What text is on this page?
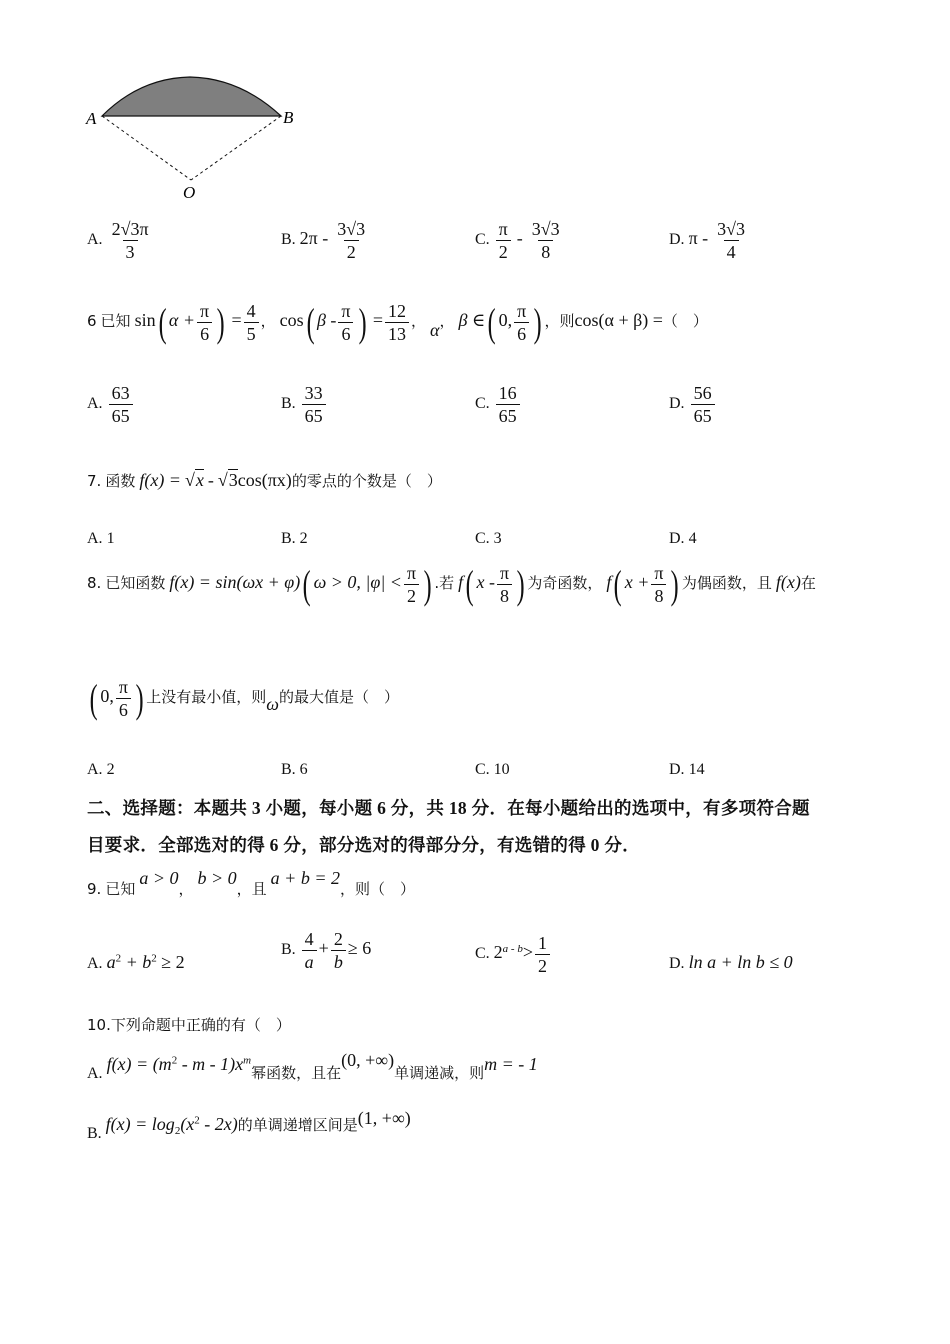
A	B
O
A. $\frac{2√3\pi}{3}$	B. $2\pi - \frac{3√3}{2}$	C. $\frac{\pi}{2} - \frac{3√3}{8}$	D. π - $\frac{3√3}{4}$
6 已知 sin( $\alpha + \frac{\pi}{6}$ ) = $\frac{4}{5}$ ， cos( β - $\frac{\pi}{6}$ ) = $\frac{12}{13}$ ， α， β ∈( 0, $\frac{\pi}{6}$ ) ，则cos(α + β) =（　）
A. $\frac{63}{65}$	B. $\frac{33}{65}$	C. $\frac{16}{65}$	D. $\frac{56}{65}$
7. 函数 f(x) = √x - √3cos(πx)的零点的个数是（　）
A. 1	B. 2	C. 3	D. 4
8. 已知函数 f(x) = sin(ωx + φ)( ω > 0, $|\varphi| < \frac{\pi}{2}$ ) .若 f( x - $\frac{\pi}{8}$ ) 为奇函数， f( $x + \frac{\pi}{8}$ ) 为偶函数，且 f(x)在
( 0, $\frac{\pi}{6}$ ) 上没有最小值，则ω的最大值是（　）
A. 2	B. 6	C. 10	D. 14
二、选择题：本题共 3 小题，每小题 6 分，共 18 分．在每小题给出的选项中，有多项符合题
目要求．全部选对的得 6 分，部分选对的得部分分，有选错的得 0 分．
9. 已知 a > 0， b > 0，且 a + b = 2，则（　）
A. $a^2 + b^2 \ge 2$
B. $\frac{4}{a} + \frac{2}{b} \ge 6$	C. $2^{a - b}> \frac{1}{2}$	D. ln a + ln b ≤ 0
10.下列命题中正确的有（　）
A. $f(x) = (m^2 - m - 1)x^m$幂函数，且在(0, +∞)单调递减，则m = - 1
B. $f(x) = \log_2(x^2 - 2x)$的单调递增区间是(1, +∞)
